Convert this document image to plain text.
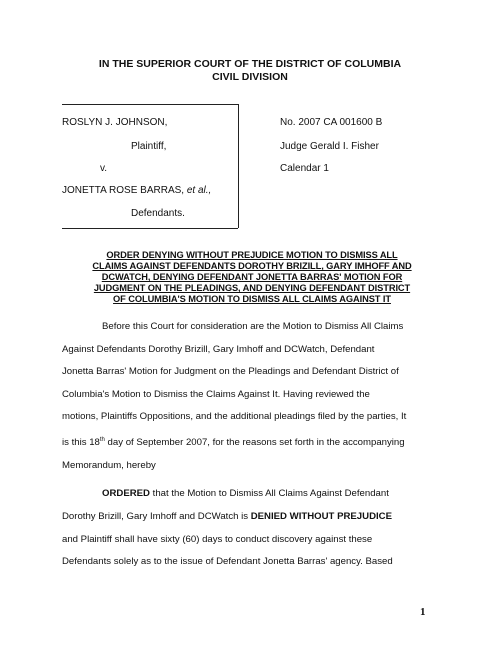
IN THE SUPERIOR COURT OF THE DISTRICT OF COLUMBIA
CIVIL DIVISION
ROSLYN J. JOHNSON,
Plaintiff,
v.
JONETTA ROSE BARRAS, et al.,
Defendants.
No. 2007 CA 001600 B
Judge Gerald I. Fisher
Calendar 1
ORDER DENYING WITHOUT PREJUDICE MOTION TO DISMISS ALL
CLAIMS AGAINST DEFENDANTS DOROTHY BRIZILL, GARY IMHOFF AND
DCWATCH, DENYING DEFENDANT JONETTA BARRAS' MOTION FOR
JUDGMENT ON THE PLEADINGS, AND DENYING DEFENDANT DISTRICT
OF COLUMBIA'S MOTION TO DISMISS ALL CLAIMS AGAINST IT

Before this Court for consideration are the Motion to Dismiss All Claims

Against Defendants Dorothy Brizill, Gary Imhoff and DCWatch, Defendant

Jonetta Barras' Motion for Judgment on the Pleadings and Defendant District of

Columbia's Motion to Dismiss the Claims Against It. Having reviewed the

motions, Plaintiffs Oppositions, and the additional pleadings filed by the parties, It

is this 18th day of September 2007, for the reasons set forth in the accompanying

Memorandum, hereby

ORDERED that the Motion to Dismiss All Claims Against Defendant

Dorothy Brizill, Gary Imhoff and DCWatch is DENIED WITHOUT PREJUDICE

and Plaintiff shall have sixty (60) days to conduct discovery against these

Defendants solely as to the issue of Defendant Jonetta Barras' agency. Based

1
